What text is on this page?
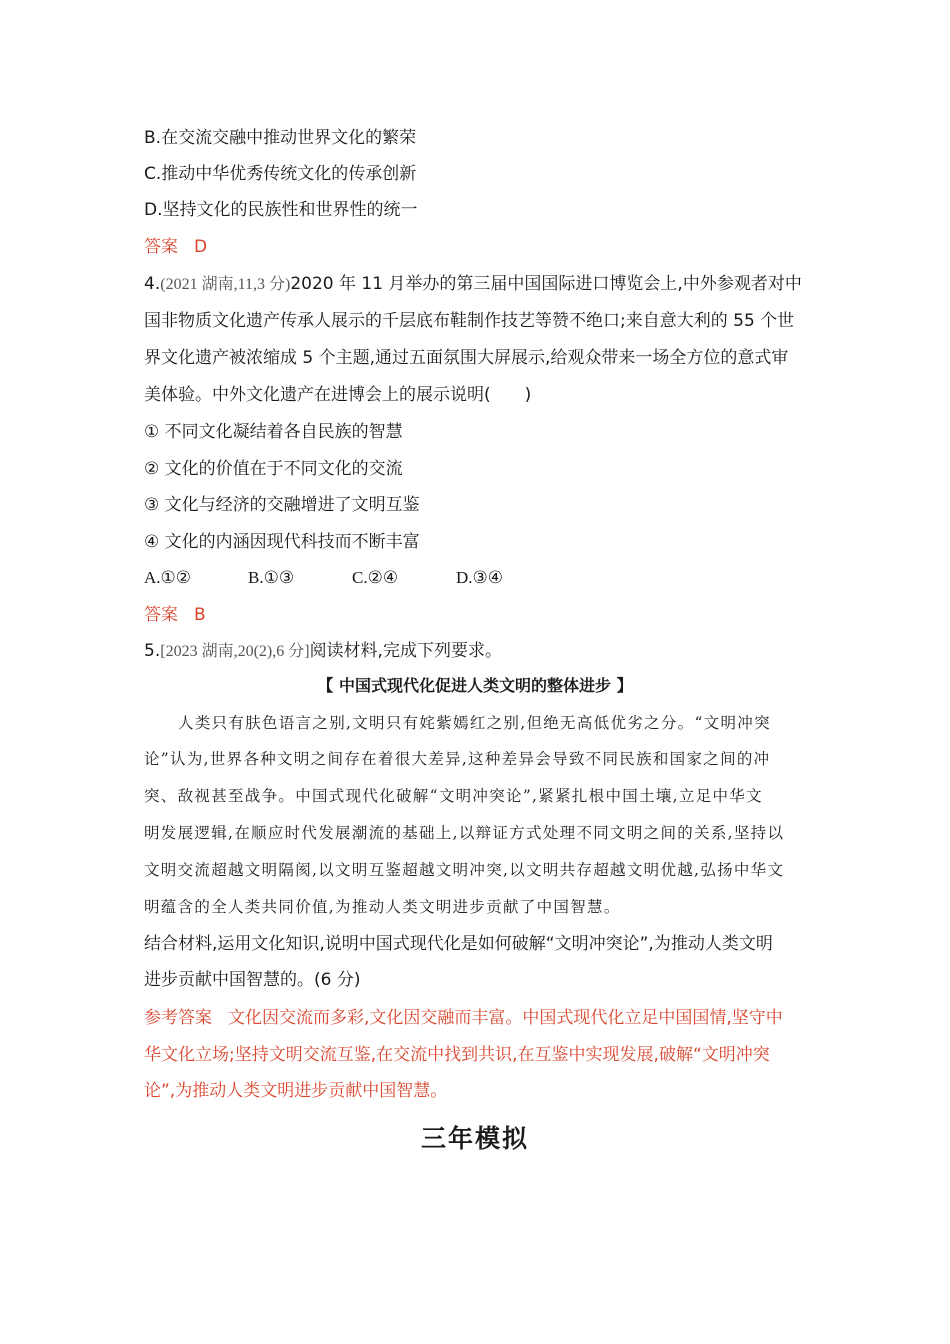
B.在交流交融中推动世界文化的繁荣
C.推动中华优秀传统文化的传承创新
D.坚持文化的民族性和世界性的统一
答案 D
4.(2021 湖南,11,3 分)2020 年 11 月举办的第三届中国国际进口博览会上,中外参观者对中
国非物质文化遗产传承人展示的千层底布鞋制作技艺等赞不绝口;来自意大利的 55 个世
界文化遗产被浓缩成 5 个主题,通过五面氛围大屏展示,给观众带来一场全方位的意式审
美体验。中外文化遗产在进博会上的展示说明(　　)
① 不同文化凝结着各自民族的智慧
② 文化的价值在于不同文化的交流
③ 文化与经济的交融增进了文明互鉴
④ 文化的内涵因现代科技而不断丰富
A.①②	B.①③	C.②④	D.③④
答案 B
5.[2023 湖南,20(2),6 分]阅读材料,完成下列要求。
【 中国式现代化促进人类文明的整体进步 】
人类只有肤色语言之别,文明只有姹紫嫣红之别,但绝无高低优劣之分。“文明冲突
论”认为,世界各种文明之间存在着很大差异,这种差异会导致不同民族和国家之间的冲
突、敌视甚至战争。中国式现代化破解“文明冲突论”,紧紧扎根中国土壤,立足中华文
明发展逻辑,在顺应时代发展潮流的基础上,以辩证方式处理不同文明之间的关系,坚持以
文明交流超越文明隔阂,以文明互鉴超越文明冲突,以文明共存超越文明优越,弘扬中华文
明蕴含的全人类共同价值,为推动人类文明进步贡献了中国智慧。
结合材料,运用文化知识,说明中国式现代化是如何破解“文明冲突论”,为推动人类文明
进步贡献中国智慧的。(6 分)
参考答案 文化因交流而多彩,文化因交融而丰富。中国式现代化立足中国国情,坚守中
华文化立场;坚持文明交流互鉴,在交流中找到共识,在互鉴中实现发展,破解“文明冲突
论”,为推动人类文明进步贡献中国智慧。
三年模拟
